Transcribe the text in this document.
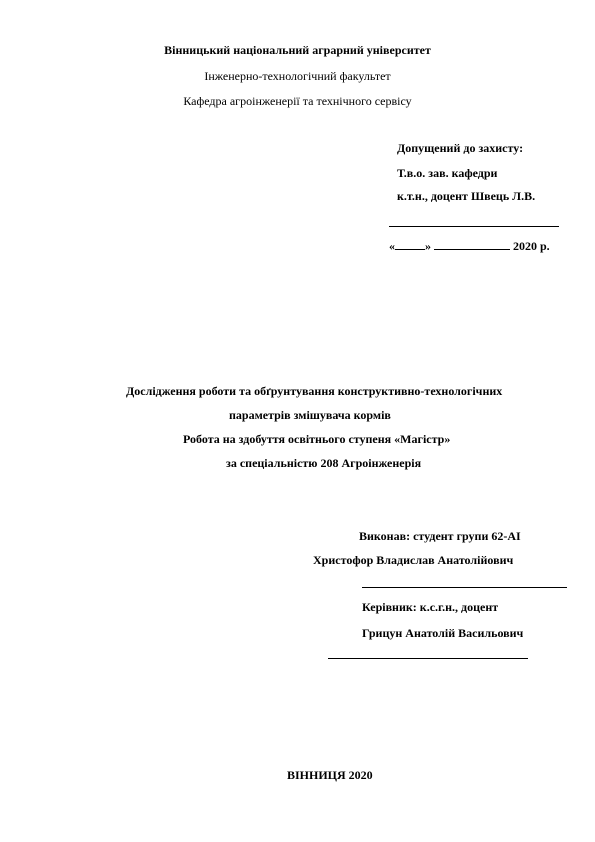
Вінницький національний аграрний університет
Інженерно-технологічний факультет
Кафедра агроінженерії та технічного сервісу
Допущений до захисту:
Т.в.о. зав. кафедри
к.т.н., доцент Швець Л.В.
«	»	2020 р.
Дослідження роботи та обґрунтування конструктивно-технологічних
параметрів змішувача кормів
Робота на здобуття освітнього ступеня «Магістр»
за спеціальністю 208 Агроінженерія
Виконав: студент групи 62-АІ
Христофор Владислав Анатолійович
Керівник: к.с.г.н., доцент
Грицун Анатолій Васильович
ВІННИЦЯ 2020
